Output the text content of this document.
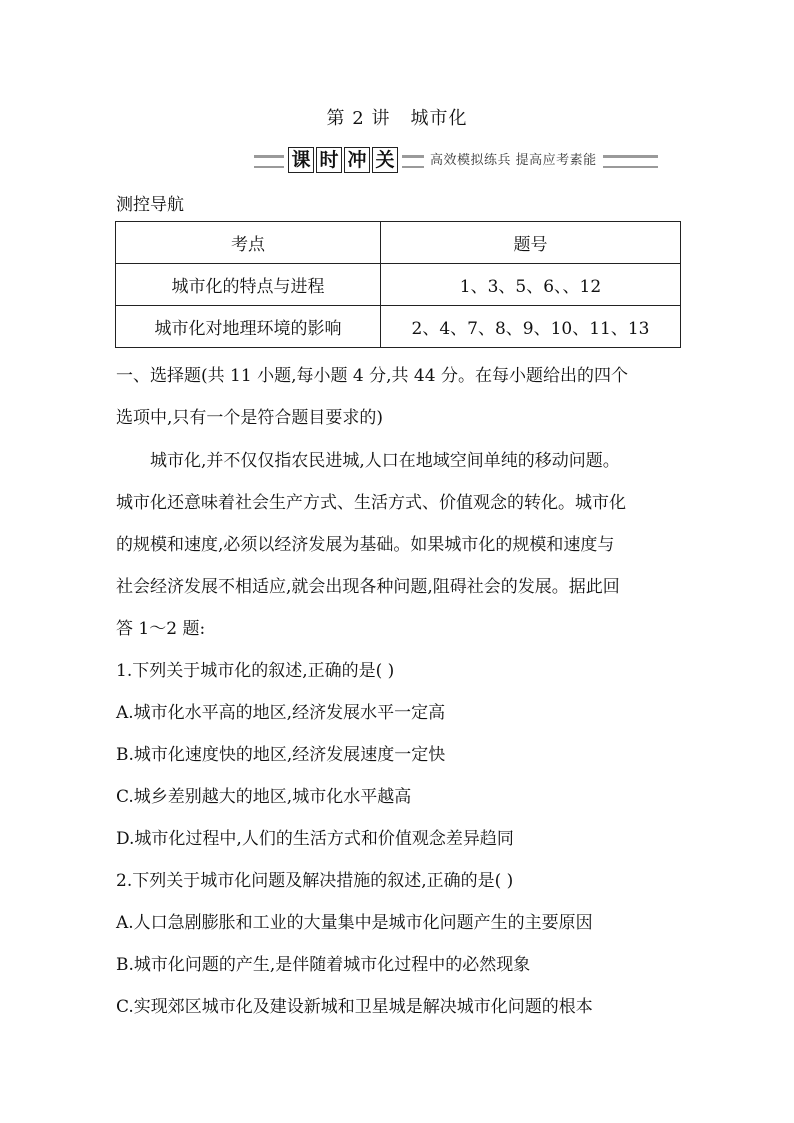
第 2 讲 城市化
课 时 冲 关	高效模拟练兵 提高应考素能
测控导航
考点	题号
城市化的特点与进程	1、3、5、6、、12
城市化对地理环境的影响	2、4、7、8、9、10、11、13
一、选择题(共 11 小题,每小题 4 分,共 44 分。在每小题给出的四个
选项中,只有一个是符合题目要求的)
城市化,并不仅仅指农民进城,人口在地域空间单纯的移动问题。
城市化还意味着社会生产方式、生活方式、价值观念的转化。城市化
的规模和速度,必须以经济发展为基础。如果城市化的规模和速度与
社会经济发展不相适应,就会出现各种问题,阻碍社会的发展。据此回
答 1～2 题:
1.下列关于城市化的叙述,正确的是( )
A.城市化水平高的地区,经济发展水平一定高
B.城市化速度快的地区,经济发展速度一定快
C.城乡差别越大的地区,城市化水平越高
D.城市化过程中,人们的生活方式和价值观念差异趋同
2.下列关于城市化问题及解决措施的叙述,正确的是( )
A.人口急剧膨胀和工业的大量集中是城市化问题产生的主要原因
B.城市化问题的产生,是伴随着城市化过程中的必然现象
C.实现郊区城市化及建设新城和卫星城是解决城市化问题的根本
